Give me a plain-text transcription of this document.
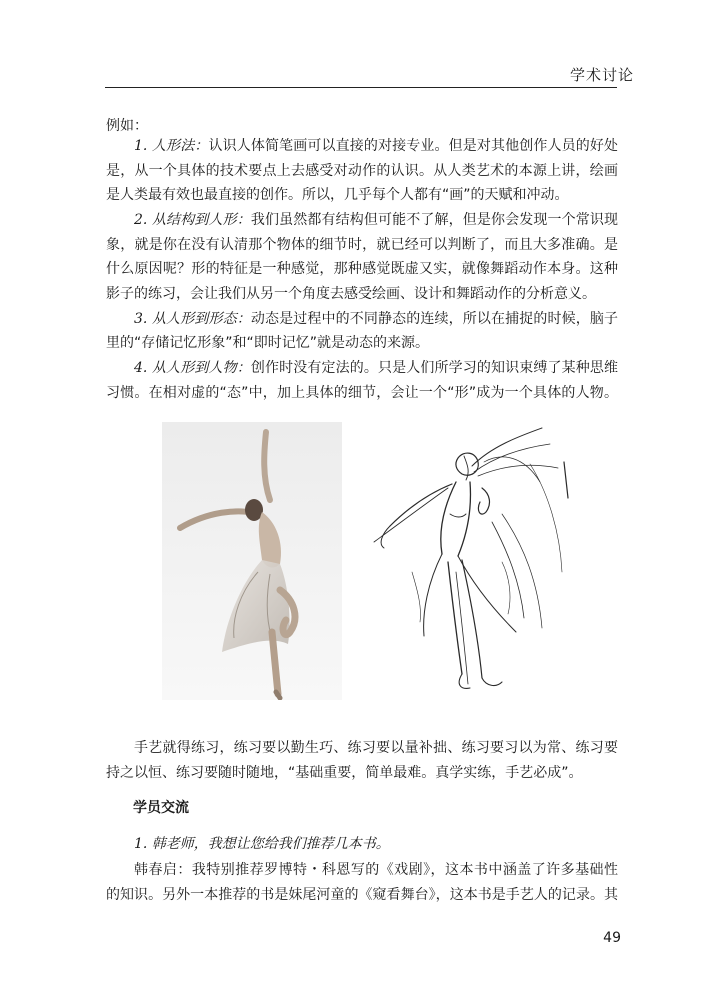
学术讨论
例如：
1. 人形法：认识人体简笔画可以直接的对接专业。但是对其他创作人员的好处
是，从一个具体的技术要点上去感受对动作的认识。从人类艺术的本源上讲，绘画
是人类最有效也最直接的创作。所以，几乎每个人都有“画”的天赋和冲动。
2. 从结构到人形：我们虽然都有结构但可能不了解，但是你会发现一个常识现
象，就是你在没有认清那个物体的细节时，就已经可以判断了，而且大多准确。是
什么原因呢？形的特征是一种感觉，那种感觉既虚又实，就像舞蹈动作本身。这种
影子的练习，会让我们从另一个角度去感受绘画、设计和舞蹈动作的分析意义。
3. 从人形到形态：动态是过程中的不同静态的连续，所以在捕捉的时候，脑子
里的“存储记忆形象”和“即时记忆”就是动态的来源。
4. 从人形到人物：创作时没有定法的。只是人们所学习的知识束缚了某种思维
习惯。在相对虚的“态”中，加上具体的细节，会让一个“形”成为一个具体的人物。
手艺就得练习，练习要以勤生巧、练习要以量补拙、练习要习以为常、练习要
持之以恒、练习要随时随地，“基础重要，简单最难。真学实练，手艺必成”。
学员交流
1. 韩老师，我想让您给我们推荐几本书。
韩春启：我特别推荐罗博特・科恩写的《戏剧》，这本书中涵盖了许多基础性
的知识。另外一本推荐的书是妹尾河童的《窥看舞台》，这本书是手艺人的记录。其
49
